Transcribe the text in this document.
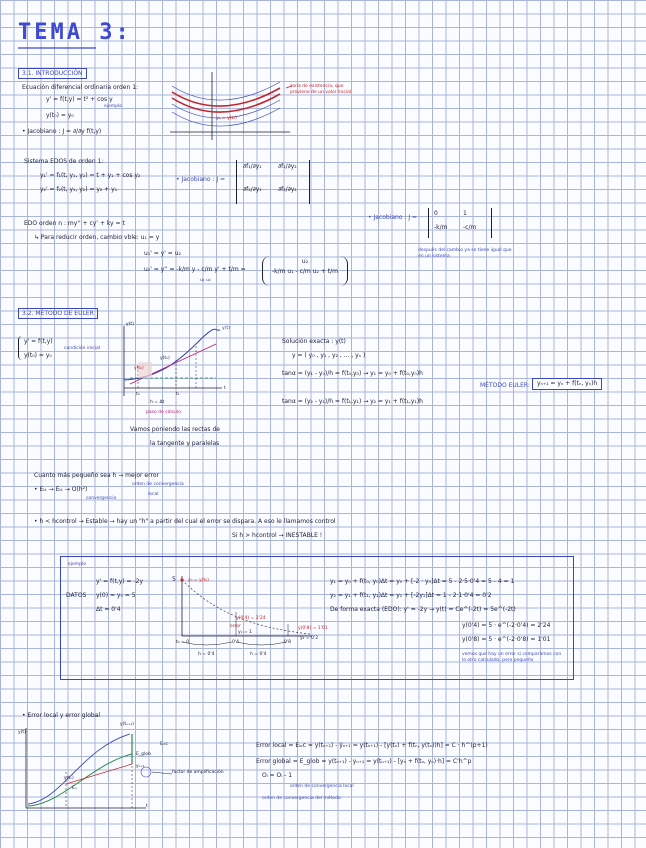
TEMA 3:
3.1. INTRODUCCIÓN
Ecuación diferencial ordinaria orden 1:
y' = f(t,y) = t² + cos y
ejemplo
y(t₀) = y₀
• Jacobiano : J = ∂/∂y f(t,y)
zona de existencia, que proviene de un valor inicial
y₀ = y(t₀)
Sistema EDOS de orden 1:
y₁' = f₁(t, y₁, y₂) = t + y₁ + cos y₂
y₂' = f₂(t, y₁, y₂) = y₂ + y₁
• Jacobiano : J =
∂f₁/∂y₁	∂f₁/∂y₂
∂f₂/∂y₁	∂f₂/∂y₂
EDO orden n : my'' + cy' + ky = t
↳ Para reducir orden, cambio vble: u₁ = y
u₁' = y' = u₂
u₂' = y'' = -k/m y - c/m y' + t/m =
u₁ u₂
u₂
-k/m u₁ - c/m u₂ + t/m
• Jacobiano : J =
0	1
-k/m	-c/m
después del cambio ya se tiene igual que en un sistema
3.2. MÉTODO DE EULER
y' = f(t,y)
y(t₀) = y₀
condición inicial
y(t)
y(t)
y(t₁)
y(t₀)
t
t₀	t₁
h = Δt
paso de cálculo
Vamos poniendo las rectas de
la tangente y paralelas
Solución exacta : y(t)
y = ( y₀ , y₁ , y₂ , ... , yₙ )
tanα = (y₁ - y₀)/h = f(t₀,y₀) → y₁ = y₀ + f(t₀,y₀)h
tanα = (y₂ - y₁)/h = f(t₁,y₁) → y₂ = y₁ + f(t₁,y₁)h
MÉTODO EULER:	yₙ₊₁ = yₙ + f(tₙ, yₙ)h
Cuanto más pequeño sea h → mejor error
• Eₜₜ → Eₜₜ → O(h²)
orden de convergencia
local
convergencia
• h < hcontrol → Estable → hay un "h" a partir del cual el error se dispara. A eso le llamamos control
Si h > hcontrol → INESTABLE !
ejemplo
DATOS
y' = f(t,y) = -2y
y(0) = y₀ = 5
Δt = 0'4
5	y₀ = y(t₀)
y(0'4) = 2'24
error
y₁ = 1
y(0'8) = 1'01
y₂ = 0'2
t₀ = 0	0'4	0'8
h = 0'4	h = 0'4
y₁ = y₀ + f(t₀, y₀)Δt = y₀ + [-2 · y₀]Δt = 5 - 2·5·0'4 = 5 - 4 = 1
y₂ = y₁ + f(t₁, y₁)Δt = y₁ + [-2y₁]Δt = 1 - 2·1·0'4 = 0'2
De forma exacta (EDO): y' = -2y → y(t) = Ce^(-2t) = 5e^(-2t)
y(0'4) = 5 · e^(-2·0'4) = 2'24
y(0'8) = 5 · e^(-2·0'8) = 1'01
vemos que hay un error si comparamos con lo otro calculado, pero pequeño
• Error local y error global
y(t)
y(tₙ₊₁)
y(tₙ)
yₙ₊₁
Eₗₒc
E_glob
Eₙ
t
factor de amplificación
Error local = Eₗₒc = y(tₙ₊₁) - ŷₙ₊₁ = y(tₙ₊₁) - [y(tₙ) + f(tₙ, y(tₙ))h] = C · h^(p+1)
Error global = E_glob = y(tₙ₊₁) - yₙ₊₁ = y(tₙ₊₁) - [yₙ + f(tₙ, yₙ)·h] = C'h^p
Oₗ = Oₗ - 1
orden de convergencia local
orden de convergencia del método
